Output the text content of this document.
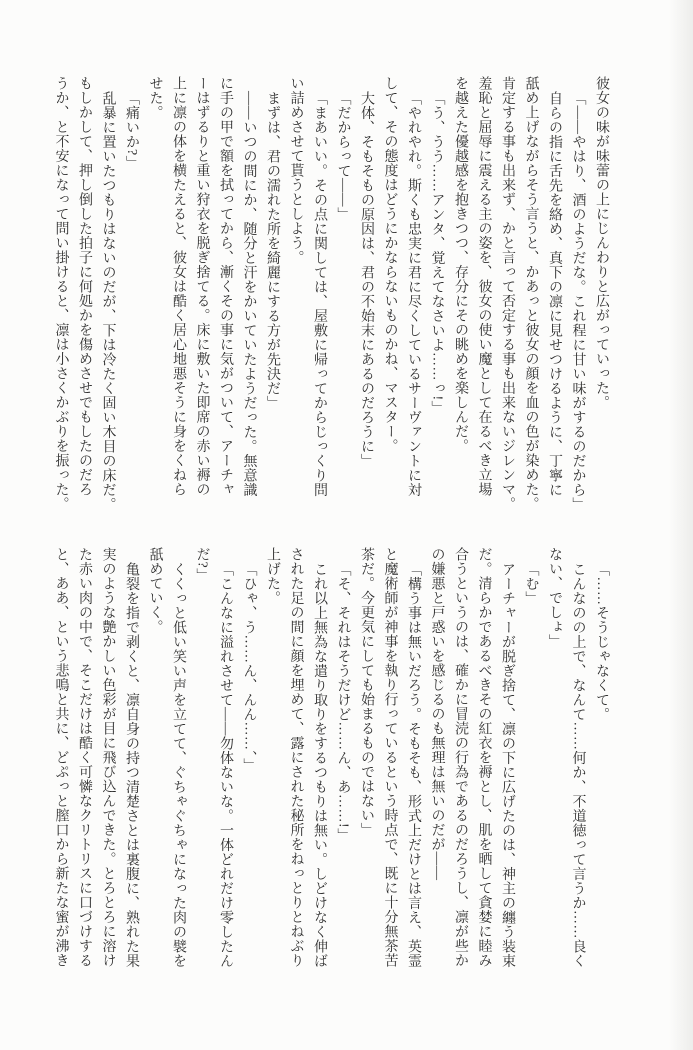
彼女の味が味蕾の上にじんわりと広がっていった。

「――やはり、酒のようだな。これ程に甘い味がするのだから」

自らの指に舌先を絡め、真下の凛に見せつけるように、丁寧に

舐め上げながらそう言うと、かあっと彼女の顔を血の色が染めた。

肯定する事も出来ず、かと言って否定する事も出来ないジレンマ。

羞恥と屈辱に震える主の姿を、彼女の使い魔として在るべき立場

を越えた優越感を抱きつつ、存分にその眺めを楽しんだ。

「う、うう……アンタ、覚えてなさいよ……っ!」

「やれやれ。斯くも忠実に君に尽くしているサーヴァントに対

して、その態度はどうにかならないものかね、マスター。

大体、そもそもの原因は、君の不始末にあるのだろうに」

「だからって――」

「まあいい。その点に関しては、屋敷に帰ってからじっくり問

い詰めさせて貰うとしよう。

まずは、君の濡れた所を綺麗にする方が先決だ」

――いつの間にか、随分と汗をかいていたようだった。無意識

に手の甲で額を拭ってから、漸くその事に気がついて、アーチャ

ーはずるりと重い狩衣を脱ぎ捨てる。床に敷いた即席の赤い褥の

上に凛の体を横たえると、彼女は酷く居心地悪そうに身をくねら

せた。

「痛いか?」

乱暴に置いたつもりはないのだが、下は冷たく固い木目の床だ。

もしかして、押し倒した拍子に何処かを傷めさせでもしたのだろ

うか、と不安になって問い掛けると、凛は小さくかぶりを振った。

「……そうじゃなくて。

こんなのの上で、なんて……何か、不道徳って言うか……良く

ない、でしょ」

「む」

アーチャーが脱ぎ捨て、凛の下に広げたのは、神主の纏う装束

だ。清らかであるべきその紅衣を褥とし、肌を晒して貪婪に睦み

合うというのは、確かに冒涜の行為であるのだろうし、凛が些か

の嫌悪と戸惑いを感じるのも無理は無いのだが――

「構う事は無いだろう。そもそも、形式上だけとは言え、英霊

と魔術師が神事を執り行っているという時点で、既に十分無茶苦

茶だ。今更気にしても始まるものではない」

「そ、それはそうだけど……ん、あ……!」

これ以上無為な遣り取りをするつもりは無い。しどけなく伸ば

された足の間に顔を埋めて、露にされた秘所をねっとりとねぶり

上げた。

「ひゃ、う……ん、んん……、」

「こんなに溢れさせて――勿体ないな。一体どれだけ零したん

だ?」

くくっと低い笑い声を立てて、ぐちゃぐちゃになった肉の襞を

舐めていく。

亀裂を指で剥くと、凛自身の持つ清楚さとは裏腹に、熟れた果

実のような艶かしい色彩が目に飛び込んできた。とろとろに溶け

た赤い肉の中で、そこだけは酷く可憐なクリトリスに口づけする

と、ああ、という悲鳴と共に、どぷっと膣口から新たな蜜が沸き
